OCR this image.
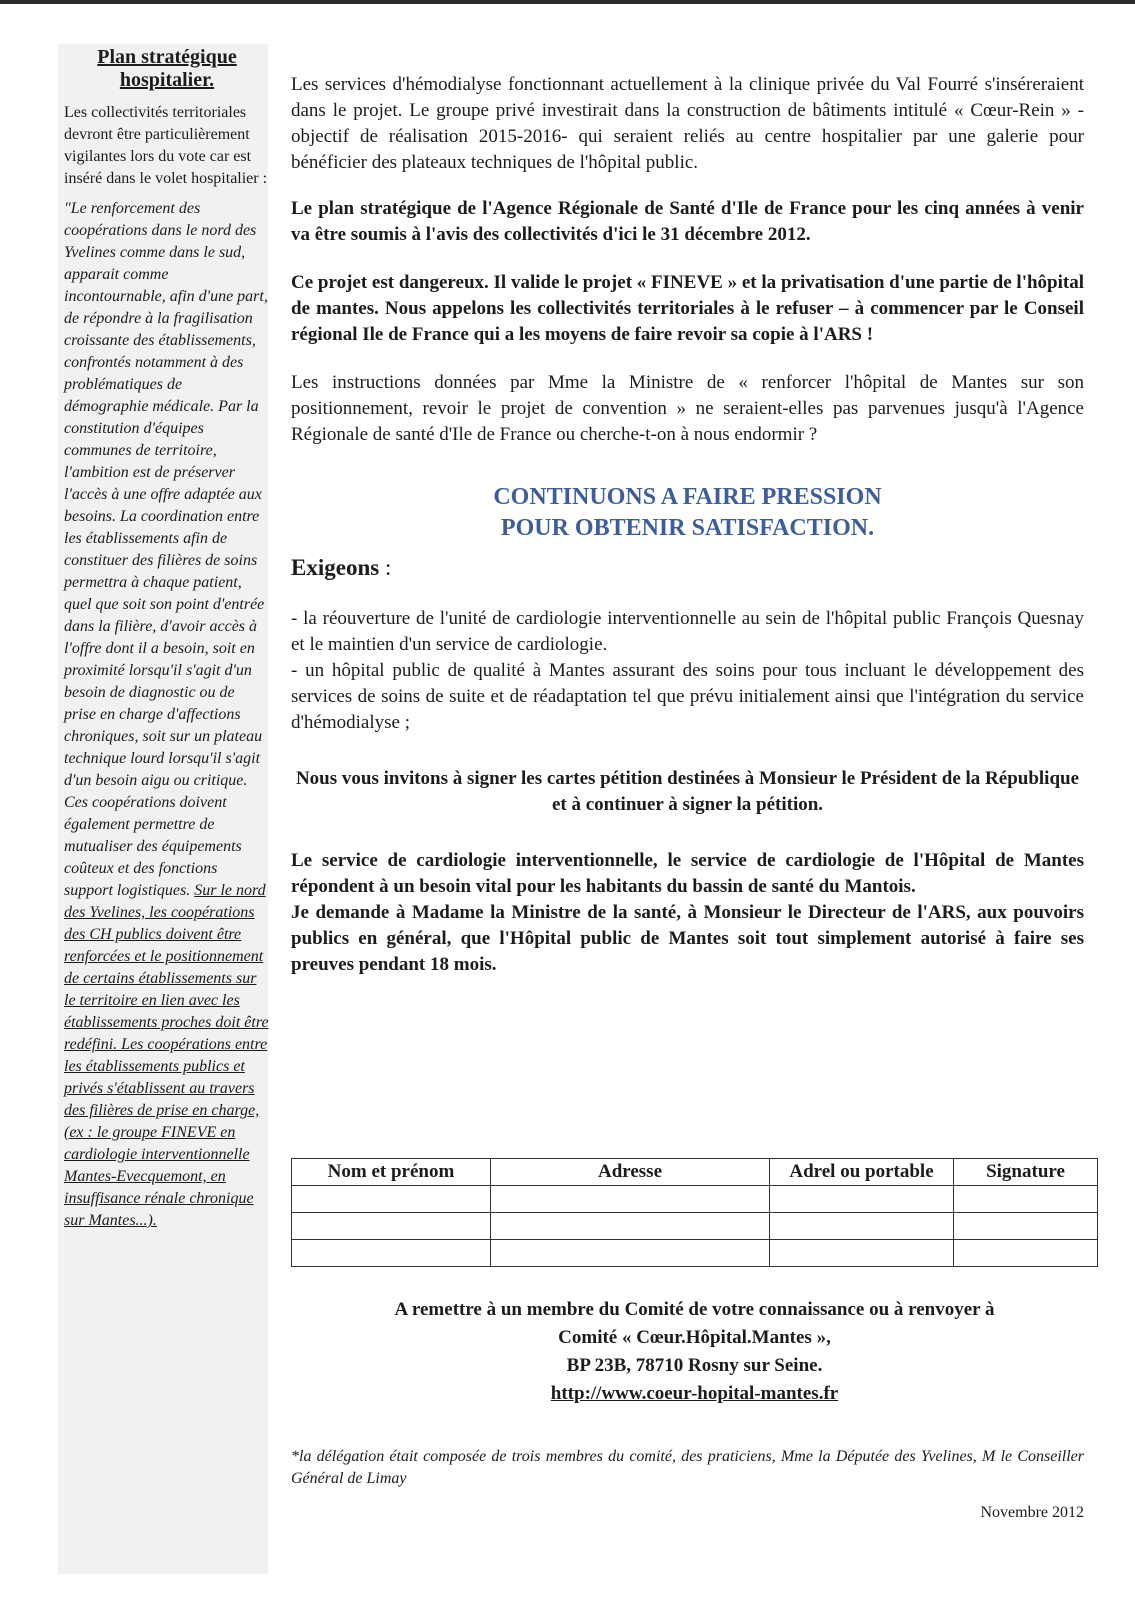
Plan stratégique hospitalier.

Les collectivités territoriales devront être particulièrement vigilantes lors du vote car est inséré dans le volet hospitalier :

"Le renforcement des coopérations dans le nord des Yvelines comme dans le sud, apparait comme incontournable, afin d'une part, de répondre à la fragilisation croissante des établissements, confrontés notamment à des problématiques de démographie médicale. Par la constitution d'équipes communes de territoire, l'ambition est de préserver l'accès à une offre adaptée aux besoins. La coordination entre les établissements afin de constituer des filières de soins permettra à chaque patient, quel que soit son point d'entrée dans la filière, d'avoir accès à l'offre dont il a besoin, soit en proximité lorsqu'il s'agit d'un besoin de diagnostic ou de prise en charge d'affections chroniques, soit sur un plateau technique lourd lorsqu'il s'agit d'un besoin aigu ou critique. Ces coopérations doivent également permettre de mutualiser des équipements coûteux et des fonctions support logistiques. Sur le nord des Yvelines, les coopérations des CH publics doivent être renforcées et le positionnement de certains établissements sur le territoire en lien avec les établissements proches doit être redéfini. Les coopérations entre les établissements publics et privés s'établissent au travers des filières de prise en charge, (ex : le groupe FINEVE en cardiologie interventionnelle Mantes-Evecquemont, en insuffisance rénale chronique sur Mantes...).

Les services d'hémodialyse fonctionnant actuellement à la clinique privée du Val Fourré s'inséreraient dans le projet. Le groupe privé investirait dans la construction de bâtiments intitulé « Cœur-Rein » -objectif de réalisation 2015-2016- qui seraient reliés au centre hospitalier par une galerie pour bénéficier des plateaux techniques de l'hôpital public.

Le plan stratégique de l'Agence Régionale de Santé d'Ile de France pour les cinq années à venir va être soumis à l'avis des collectivités d'ici le 31 décembre 2012.

Ce projet est dangereux. Il valide le projet « FINEVE » et la privatisation d'une partie de l'hôpital de mantes. Nous appelons les collectivités territoriales à le refuser – à commencer par le Conseil régional Ile de France qui a les moyens de faire revoir sa copie à l'ARS !

Les instructions données par Mme la Ministre de « renforcer l'hôpital de Mantes sur son positionnement, revoir le projet de convention » ne seraient-elles pas parvenues jusqu'à l'Agence Régionale de santé d'Ile de France ou cherche-t-on à nous endormir ?

CONTINUONS A FAIRE PRESSION
POUR OBTENIR SATISFACTION.
Exigeons :

- la réouverture de l'unité de cardiologie interventionnelle au sein de l'hôpital public François Quesnay et le maintien d'un service de cardiologie.

- un hôpital public de qualité à Mantes assurant des soins pour tous incluant le développement des services de soins de suite et de réadaptation tel que prévu initialement ainsi que l'intégration du service d'hémodialyse ;

Nous vous invitons à signer les cartes pétition destinées à Monsieur le Président de la République et à continuer à signer la pétition.

Le service de cardiologie interventionnelle, le service de cardiologie de l'Hôpital de Mantes répondent à un besoin vital pour les habitants du bassin de santé du Mantois.

Je demande à Madame la Ministre de la santé, à Monsieur le Directeur de l'ARS, aux pouvoirs publics en général, que l'Hôpital public de Mantes soit tout simplement autorisé à faire ses preuves pendant 18 mois.

Nom et prénom	Adresse	Adrel ou portable	Signature

A remettre à un membre du Comité de votre connaissance ou à renvoyer à
Comité « Cœur.Hôpital.Mantes »,
BP 23B, 78710 Rosny sur Seine.
http://www.coeur-hopital-mantes.fr

*la délégation était composée de trois membres du comité, des praticiens, Mme la Députée des Yvelines, M le Conseiller Général de Limay

Novembre 2012
